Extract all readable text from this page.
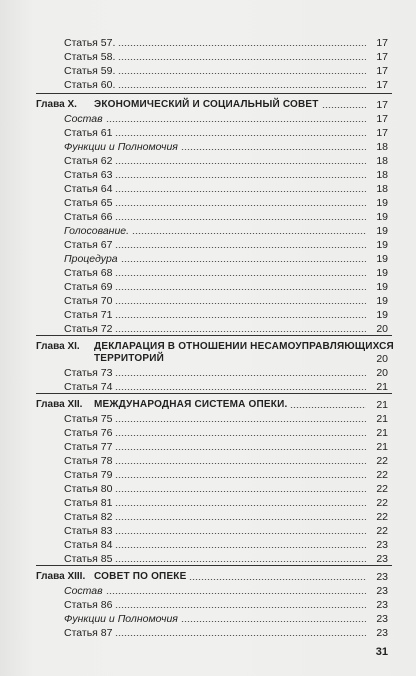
Статья 57.	17
Статья 58.	17
Статья 59.	17
Статья 60.	17
Глава X. ЭКОНОМИЧЕСКИЙ И СОЦИАЛЬНЫЙ СОВЕТ	17
Состав	17
Статья 61	17
Функции и Полномочия	18
Статья 62	18
Статья 63	18
Статья 64	18
Статья 65	19
Статья 66	19
Голосование.	19
Статья 67	19
Процедура	19
Статья 68	19
Статья 69	19
Статья 70	19
Статья 71	19
Статья 72	20
Глава XI. ДЕКЛАРАЦИЯ В ОТНОШЕНИИ НЕСАМОУПРАВЛЯЮЩИХСЯ
ТЕРРИТОРИЙ	20
Статья 73	20
Статья 74	21
Глава XII. МЕЖДУНАРОДНАЯ СИСТЕМА ОПЕКИ.	21
Статья 75	21
Статья 76	21
Статья 77	21
Статья 78	22
Статья 79	22
Статья 80	22
Статья 81	22
Статья 82	22
Статья 83	22
Статья 84	23
Статья 85	23
Глава XIII. СОВЕТ ПО ОПЕКЕ	23
Состав	23
Статья 86	23
Функции и Полномочия	23
Статья 87	23
31
